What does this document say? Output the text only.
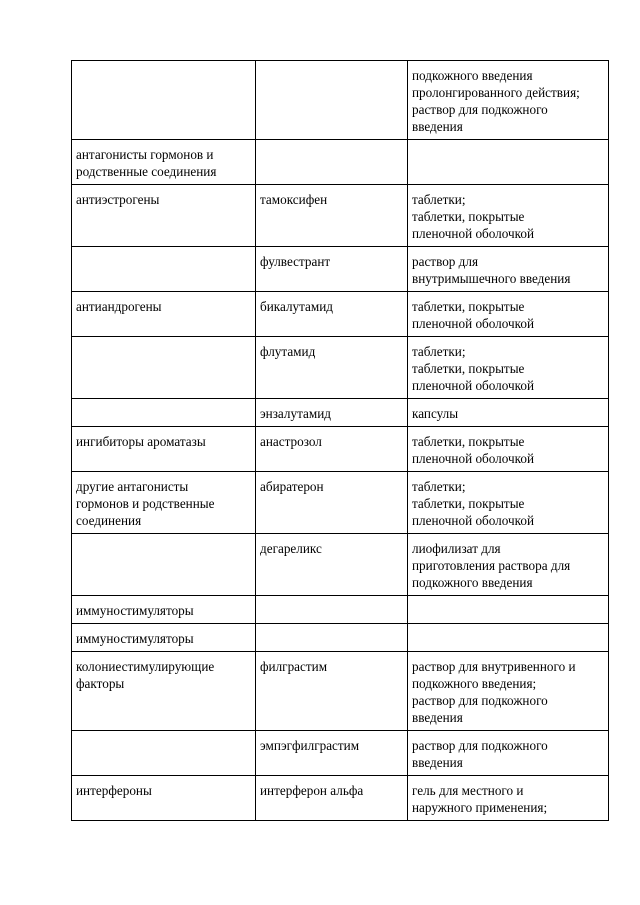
		подкожного введения
пролонгированного действия;
раствор для подкожного
введения

антагонисты гормонов и
родственные соединения		

антиэстрогены	тамоксифен	таблетки;
таблетки, покрытые
пленочной оболочкой

	фулвестрант	раствор для
внутримышечного введения

антиандрогены	бикалутамид	таблетки, покрытые
пленочной оболочкой

	флутамид	таблетки;
таблетки, покрытые
пленочной оболочкой

	энзалутамид	капсулы

ингибиторы ароматазы	анастрозол	таблетки, покрытые
пленочной оболочкой

другие антагонисты
гормонов и родственные
соединения	абиратерон	таблетки;
таблетки, покрытые
пленочной оболочкой

	дегареликс	лиофилизат для
приготовления раствора для
подкожного введения

иммуностимуляторы		

иммуностимуляторы		

колониестимулирующие
факторы	филграстим	раствор для внутривенного и
подкожного введения;
раствор для подкожного
введения

	эмпэгфилграстим	раствор для подкожного
введения

интерфероны	интерферон альфа	гель для местного и
наружного применения;
